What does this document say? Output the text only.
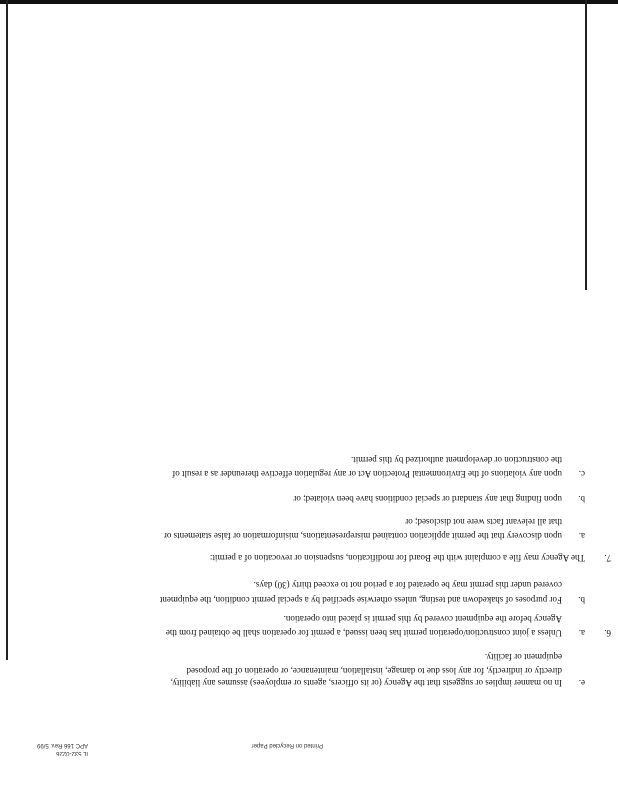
e.
In no manner implies or suggests that the Agency (or its officers, agents or employees) assumes any liability,
directly or indirectly, for any loss due to damage, installation, maintenance, or operation of the proposed
equipment or facility.
6.
a.
Unless a joint construction/operation permit has been issued, a permit for operation shall be obtained from the
Agency before the equipment covered by this permit is placed into operation.
b.
For purposes of shakedown and testing, unless otherwise specified by a special permit condition, the equipment
covered under this permit may be operated for a period not to exceed thirty (30) days.
7.
The Agency may file a complaint with the Board for modification, suspension or revocation of a permit:
a.
upon discovery that the permit application contained misrepresentations, misinformation or false statements or
that all relevant facts were not disclosed; or
b.
upon finding that any standard or special conditions have been violated; or
c.
upon any violations of the Environmental Protection Act or any regulation effective thereunder as a result of
the construction or development authorized by this permit.
IL 532-0226
APC 166 Rev. 5/99	Printed on Recycled Paper
